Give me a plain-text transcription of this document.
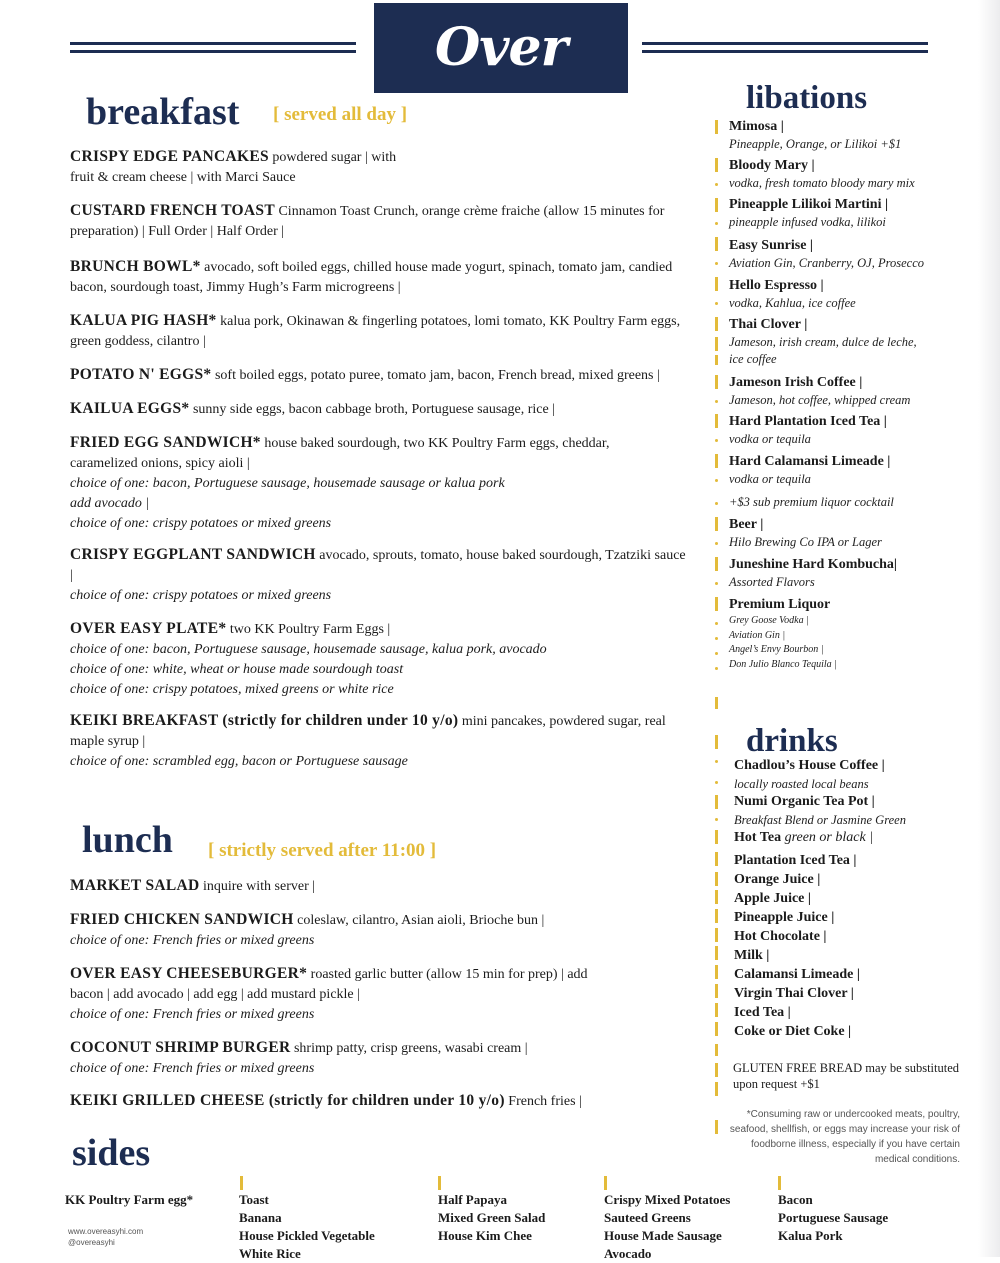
Over Easy
breakfast [ served all day ]
CRISPY EDGE PANCAKES powdered sugar | with fruit & cream cheese | with Marci Sauce
CUSTARD FRENCH TOAST Cinnamon Toast Crunch, orange crème fraiche (allow 15 minutes for preparation) | Full Order | Half Order |
BRUNCH BOWL* avocado, soft boiled eggs, chilled house made yogurt, spinach, tomato jam, candied bacon, sourdough toast, Jimmy Hugh’s Farm microgreens |
KALUA PIG HASH* kalua pork, Okinawan & fingerling potatoes, lomi tomato, KK Poultry Farm eggs, green goddess, cilantro |
POTATO N' EGGS* soft boiled eggs, potato puree, tomato jam, bacon, French bread, mixed greens |
KAILUA EGGS* sunny side eggs, bacon cabbage broth, Portuguese sausage, rice |
FRIED EGG SANDWICH* house baked sourdough, two KK Poultry Farm eggs, cheddar, caramelized onions, spicy aioli |
choice of one: bacon, Portuguese sausage, housemade sausage or kalua pork
add avocado |
choice of one: crispy potatoes or mixed greens
CRISPY EGGPLANT SANDWICH avocado, sprouts, tomato, house baked sourdough, Tzatziki sauce |
choice of one: crispy potatoes or mixed greens
OVER EASY PLATE* two KK Poultry Farm Eggs |
choice of one: bacon, Portuguese sausage, housemade sausage, kalua pork, avocado
choice of one: white, wheat or house made sourdough toast
choice of one: crispy potatoes, mixed greens or white rice
KEIKI BREAKFAST (strictly for children under 10 y/o) mini pancakes, powdered sugar, real maple syrup |
choice of one: scrambled egg, bacon or Portuguese sausage
lunch [ strictly served after 11:00 ]
MARKET SALAD inquire with server |
FRIED CHICKEN SANDWICH coleslaw, cilantro, Asian aioli, Brioche bun |
choice of one: French fries or mixed greens
OVER EASY CHEESEBURGER* roasted garlic butter (allow 15 min for prep) | add bacon | add avocado | add egg | add mustard pickle |
choice of one: French fries or mixed greens
COCONUT SHRIMP BURGER shrimp patty, crisp greens, wasabi cream |
choice of one: French fries or mixed greens
KEIKI GRILLED CHEESE (strictly for children under 10 y/o) French fries |
sides
KK Poultry Farm egg*	Toast
Banana
House Pickled Vegetable
White Rice
Half Papaya
Mixed Green Salad
House Kim Chee
Crispy Mixed Potatoes
Sauteed Greens
House Made Sausage
Avocado
Bacon
Portuguese Sausage
Kalua Pork
www.overeasyhi.com
@overeasyhi
libations
Mimosa |
Pineapple, Orange, or Lilikoi +$1
Bloody Mary |
vodka, fresh tomato bloody mary mix
Pineapple Lilikoi Martini |
pineapple infused vodka, lilikoi
Easy Sunrise |
Aviation Gin, Cranberry, OJ, Prosecco
Hello Espresso |
vodka, Kahlua, ice coffee
Thai Clover |
Jameson, irish cream, dulce de leche, ice coffee
Jameson Irish Coffee |
Jameson, hot coffee, whipped cream
Hard Plantation Iced Tea |
vodka or tequila
Hard Calamansi Limeade |
vodka or tequila
+$3 sub premium liquor cocktail
Beer |
Hilo Brewing Co IPA or Lager
Juneshine Hard Kombucha|
Assorted Flavors
Premium Liquor
Grey Goose Vodka |
Aviation Gin |
Angel’s Envy Bourbon |
Don Julio Blanco Tequila |
drinks
Chadlou’s House Coffee |
locally roasted local beans
Numi Organic Tea Pot |
Breakfast Blend or Jasmine Green
Hot Tea green or black |
Plantation Iced Tea |
Orange Juice |
Apple Juice |
Pineapple Juice |
Hot Chocolate |
Milk |
Calamansi Limeade |
Virgin Thai Clover |
Iced Tea |
Coke or Diet Coke |
GLUTEN FREE BREAD may be substituted upon request +$1
*Consuming raw or undercooked meats, poultry, seafood, shellfish, or eggs may increase your risk of foodborne illness, especially if you have certain medical conditions.
